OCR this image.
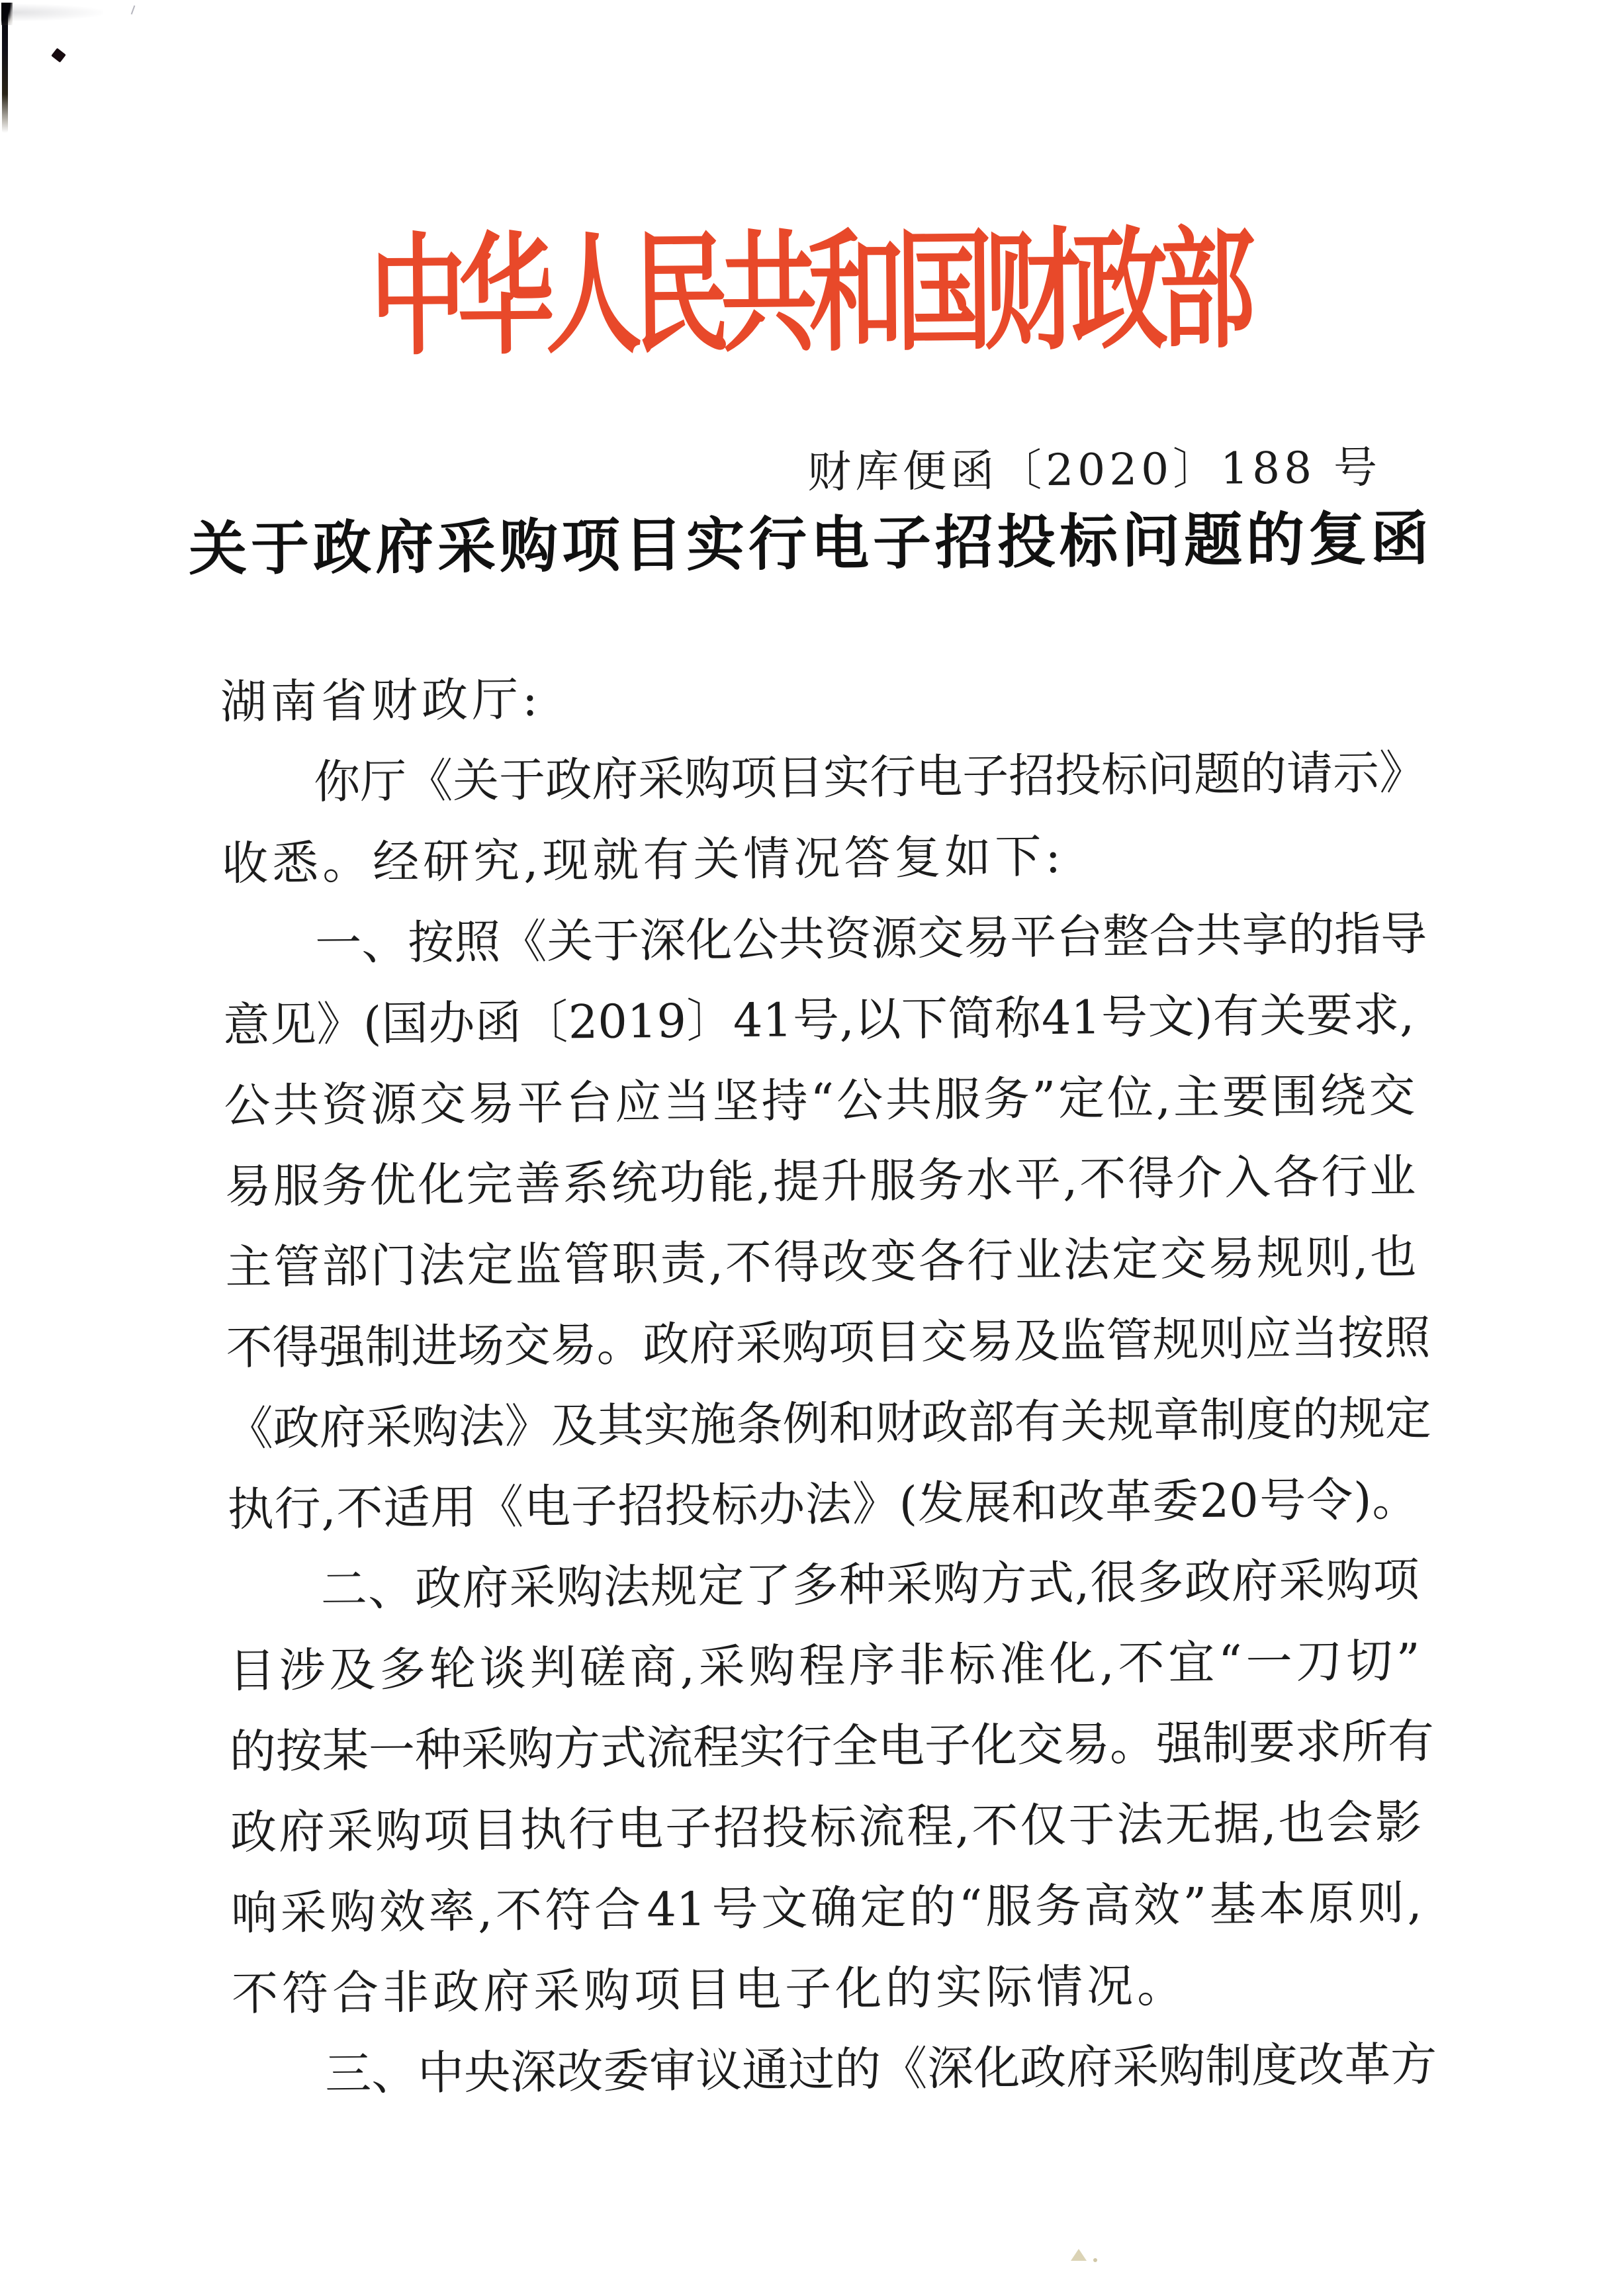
中华人民共和国财政部
财库便函〔2020〕188 号
关于政府采购项目实行电子招投标问题的复函
湖南省财政厅:
你 厅 《 关 于 政 府 采 购 项 目 实 行 电 子 招 投 标 问 题 的 请 示 》
收悉。经研究,现就有关情况答复如下:
一 、 按 照 《 关 于 深 化 公 共 资 源 交 易 平 台 整 合 共 享 的 指 导
意 见 》 ( 国 办 函 〔 2019 〕 41 号 , 以 下 简 称 41 号 文 ) 有 关 要 求 ,
公 共 资 源 交 易 平 台 应 当 坚 持 “ 公 共 服 务 ” 定 位 , 主 要 围 绕 交
易 服 务 优 化 完 善 系 统 功 能 , 提 升 服 务 水 平 , 不 得 介 入 各 行 业
主 管 部 门 法 定 监 管 职 责 , 不 得 改 变 各 行 业 法 定 交 易 规 则 , 也
不 得 强 制 进 场 交 易 。 政 府 采 购 项 目 交 易 及 监 管 规 则 应 当 按 照
《 政 府 采 购 法 》 及 其 实 施 条 例 和 财 政 部 有 关 规 章 制 度 的 规 定
执 行 , 不 适 用 《 电 子 招 投 标 办 法 》 ( 发 展 和 改 革 委 20 号 令 ) 。
二 、 政 府 采 购 法 规 定 了 多 种 采 购 方 式 , 很 多 政 府 采 购 项
目 涉 及 多 轮 谈 判 磋 商 , 采 购 程 序 非 标 准 化 , 不 宜 “ 一 刀 切 ”
的 按 某 一 种 采 购 方 式 流 程 实 行 全 电 子 化 交 易 。 强 制 要 求 所 有
政 府 采 购 项 目 执 行 电 子 招 投 标 流 程 , 不 仅 于 法 无 据 , 也 会 影
响 采 购 效 率 , 不 符 合 41 号 文 确 定 的 “ 服 务 高 效 ” 基 本 原 则 ,
不符合非政府采购项目电子化的实际情况。
三 、 中 央 深 改 委 审 议 通 过 的 《 深 化 政 府 采 购 制 度 改 革 方
